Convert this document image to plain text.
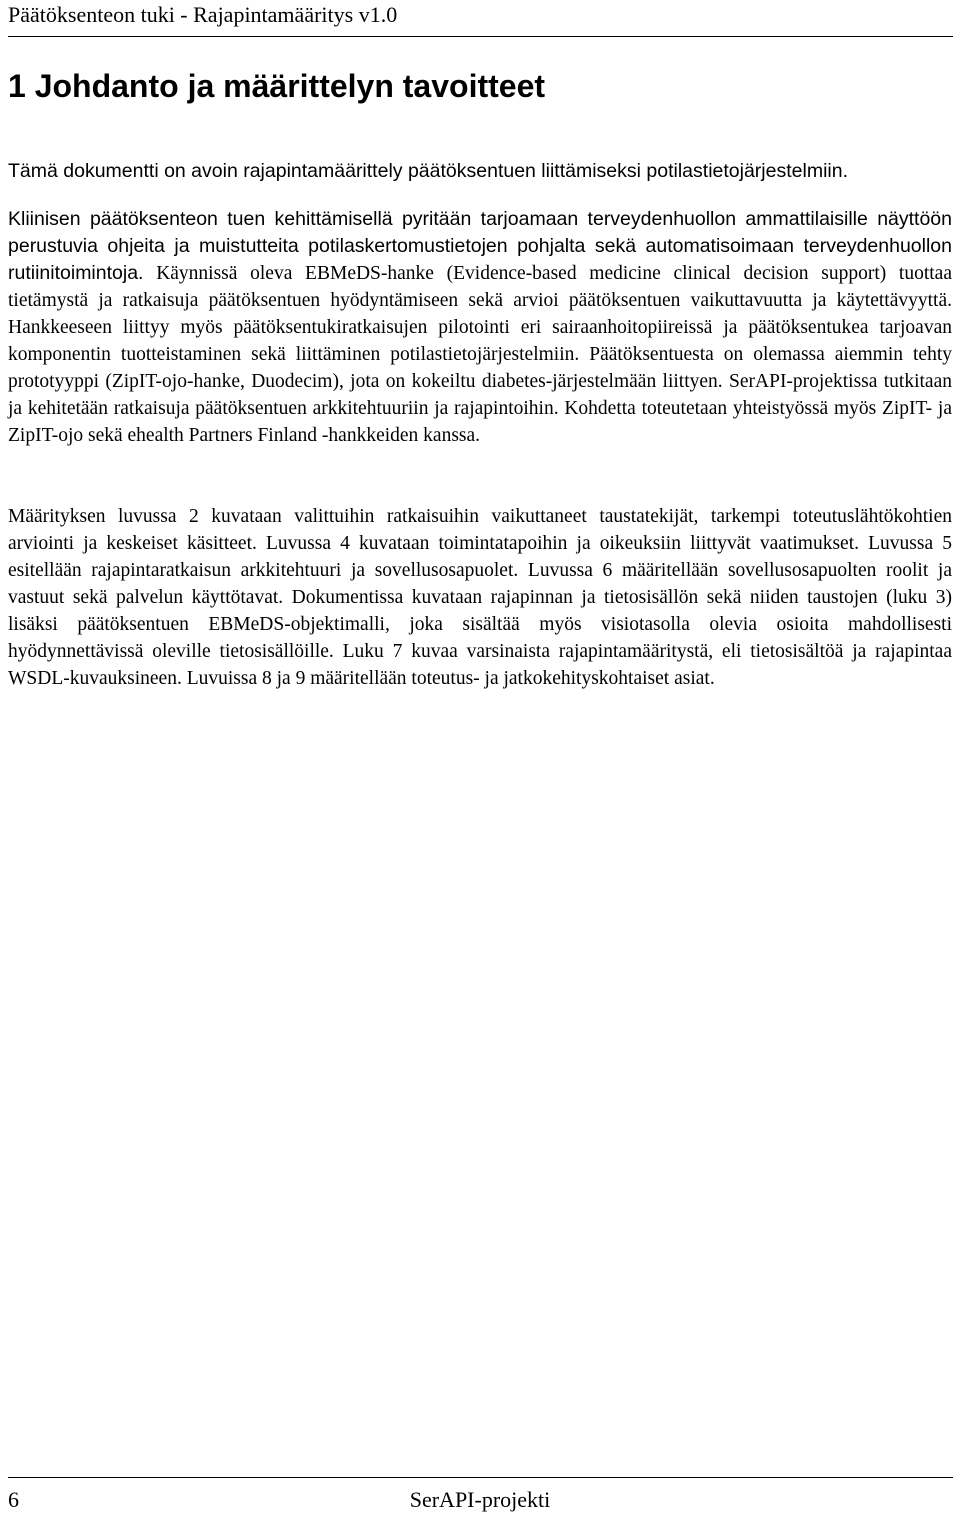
Päätöksenteon tuki - Rajapintamääritys v1.0
1 Johdanto ja määrittelyn tavoitteet

Tämä dokumentti on avoin rajapintamäärittely päätöksentuen liittämiseksi potilastietojärjestelmiin.

Kliinisen päätöksenteon tuen kehittämisellä pyritään tarjoamaan terveydenhuollon ammattilaisille näyttöön perustuvia ohjeita ja muistutteita potilaskertomustietojen pohjalta sekä automatisoimaan terveydenhuollon rutiinitoimintoja. Käynnissä oleva EBMeDS-hanke (Evidence-based medicine clinical decision support) tuottaa tietämystä ja ratkaisuja päätöksentuen hyödyntämiseen sekä arvioi päätöksentuen vaikuttavuutta ja käytettävyyttä. Hankkeeseen liittyy myös päätöksentukiratkaisujen pilotointi eri sairaanhoitopiireissä ja päätöksentukea tarjoavan komponentin tuotteistaminen sekä liittäminen potilastietojärjestelmiin. Päätöksentuesta on olemassa aiemmin tehty prototyyppi (ZipIT-ojo-hanke, Duodecim), jota on kokeiltu diabetes-järjestelmään liittyen. SerAPI-projektissa tutkitaan ja kehitetään ratkaisuja päätöksentuen arkkitehtuuriin ja rajapintoihin. Kohdetta toteutetaan yhteistyössä myös ZipIT- ja ZipIT-ojo sekä ehealth Partners Finland -hankkeiden kanssa.

Määrityksen luvussa 2 kuvataan valittuihin ratkaisuihin vaikuttaneet taustatekijät, tarkempi toteutuslähtökohtien arviointi ja keskeiset käsitteet. Luvussa 4 kuvataan toimintatapoihin ja oikeuksiin liittyvät vaatimukset. Luvussa 5 esitellään rajapintaratkaisun arkkitehtuuri ja sovellusosapuolet. Luvussa 6 määritellään sovellusosapuolten roolit ja vastuut sekä palvelun käyttötavat. Dokumentissa kuvataan rajapinnan ja tietosisällön sekä niiden taustojen (luku 3) lisäksi päätöksentuen EBMeDS-objektimalli, joka sisältää myös visiotasolla olevia osioita mahdollisesti hyödynnettävissä oleville tietosisällöille. Luku 7 kuvaa varsinaista rajapintamääritystä, eli tietosisältöä ja rajapintaa WSDL-kuvauksineen. Luvuissa 8 ja 9 määritellään toteutus- ja jatkokehityskohtaiset asiat.

6	SerAPI-projekti
